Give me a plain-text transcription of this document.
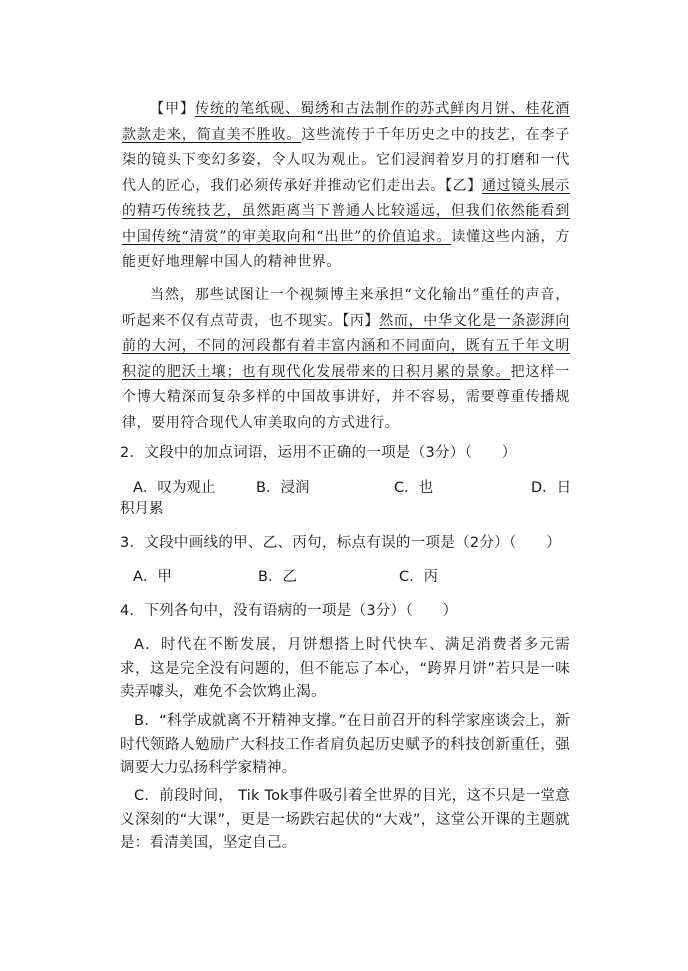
【甲】传统的笔纸砚、蜀绣和古法制作的苏式鲜肉月饼、桂花酒款款走来，简直美不胜收。这些流传于千年历史之中的技艺，在李子柒的镜头下变幻多姿，令人叹为观止。它们浸润着岁月的打磨和一代代人的匠心，我们必须传承好并推动它们走出去。【乙】通过镜头展示的精巧传统技艺，虽然距离当下普通人比较遥远，但我们依然能看到中国传统“清赏”的审美取向和“出世”的价值追求。读懂这些内涵，方能更好地理解中国人的精神世界。

当然，那些试图让一个视频博主来承担“文化输出”重任的声音，听起来不仅有点苛责，也不现实。【丙】然而，中华文化是一条澎湃向前的大河，不同的河段都有着丰富内涵和不同面向，既有五千年文明积淀的肥沃土壤；也有现代化发展带来的日积月累的景象。把这样一个博大精深而复杂多样的中国故事讲好，并不容易，需要尊重传播规律，要用符合现代人审美取向的方式进行。

2．文段中的加点词语，运用不正确的一项是（3分）（　　）

A．叹为观止	B．浸润	C．也	D．日
积月累

3．文段中画线的甲、乙、丙句，标点有误的一项是（2分）（　　）

A．甲	B．乙	C．丙

4．下列各句中，没有语病的一项是（3分）（　　）

A．时代在不断发展，月饼想搭上时代快车、满足消费者多元需求，这是完全没有问题的，但不能忘了本心，“跨界月饼”若只是一味卖弄噱头，难免不会饮鸩止渴。

B．“科学成就离不开精神支撑。”在日前召开的科学家座谈会上，新时代领路人勉励广大科技工作者肩负起历史赋予的科技创新重任，强调要大力弘扬科学家精神。

C．前段时间， Tik Tok事件吸引着全世界的目光，这不只是一堂意义深刻的“大课”，更是一场跌宕起伏的“大戏”，这堂公开课的主题就是：看清美国，坚定自己。
